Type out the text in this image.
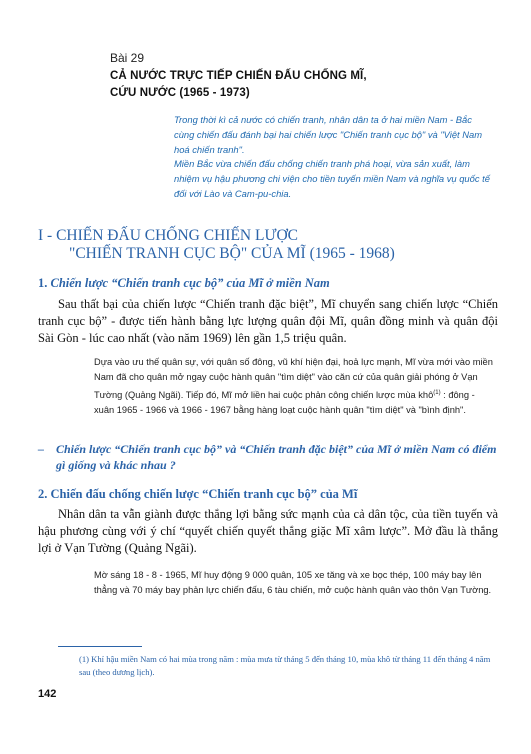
Bài 29
CẢ NƯỚC TRỰC TIẾP CHIẾN ĐẤU CHỐNG MĨ,
CỨU NƯỚC (1965 - 1973)

Trong thời kì cả nước có chiến tranh, nhân dân ta ở hai miền Nam - Bắc cùng chiến đấu đánh bại hai chiến lược "Chiến tranh cục bộ" và "Việt Nam hoá chiến tranh".

Miền Bắc vừa chiến đấu chống chiến tranh phá hoại, vừa sản xuất, làm nhiệm vụ hậu phương chi viện cho tiền tuyến miền Nam và nghĩa vụ quốc tế đối với Lào và Cam-pu-chia.

I - CHIẾN ĐẤU CHỐNG CHIẾN LƯỢC
"CHIẾN TRANH CỤC BỘ" CỦA MĨ (1965 - 1968)
1. Chiến lược “Chiến tranh cục bộ” của Mĩ ở miền Nam
Sau thất bại của chiến lược “Chiến tranh đặc biệt”, Mĩ chuyển sang chiến lược “Chiến tranh cục bộ” - được tiến hành bằng lực lượng quân đội Mĩ, quân đồng minh và quân đội Sài Gòn - lúc cao nhất (vào năm 1969) lên gần 1,5 triệu quân.
Dựa vào ưu thế quân sự, với quân số đông, vũ khí hiện đại, hoả lực mạnh, Mĩ vừa mới vào miền Nam đã cho quân mở ngay cuộc hành quân "tìm diệt" vào căn cứ của quân giải phóng ở Vạn Tường (Quảng Ngãi). Tiếp đó, Mĩ mở liền hai cuộc phản công chiến lược mùa khô$^{(1)}$ : đông - xuân 1965 - 1966 và 1966 - 1967 bằng hàng loạt cuộc hành quân "tìm diệt" và "bình định".
–	Chiến lược “Chiến tranh cục bộ” và “Chiến tranh đặc biệt” của Mĩ ở miền Nam có điểm gì giống và khác nhau ?
2. Chiến đấu chống chiến lược “Chiến tranh cục bộ” của Mĩ
Nhân dân ta vẫn giành được thắng lợi bằng sức mạnh của cả dân tộc, của tiền tuyến và hậu phương cùng với ý chí “quyết chiến quyết thắng giặc Mĩ xâm lược”. Mở đầu là thắng lợi ở Vạn Tường (Quảng Ngãi).
Mờ sáng 18 - 8 - 1965, Mĩ huy động 9 000 quân, 105 xe tăng và xe bọc thép, 100 máy bay lên thẳng và 70 máy bay phản lực chiến đấu, 6 tàu chiến, mở cuộc hành quân vào thôn Vạn Tường.
(1) Khí hậu miền Nam có hai mùa trong năm : mùa mưa từ tháng 5 đến tháng 10, mùa khô từ tháng 11 đến tháng 4 năm sau (theo dương lịch).
142
